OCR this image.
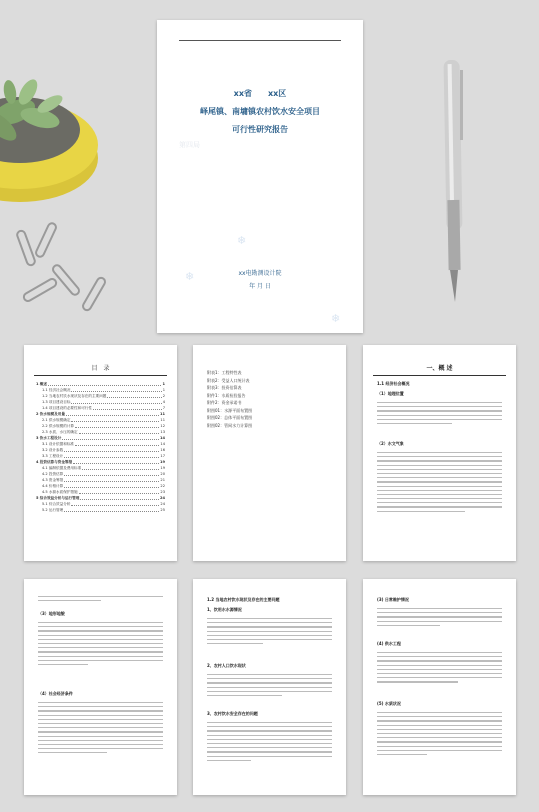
xx省　　xx区
峄尾镇、南墉镇农村饮水安全项目
可行性研究报告
第四局
❄
❄
❄
xx电勘测设计院
年 月 日
目　录
1 概述	1
1.1 经济社会概况	1
1.2 当地农村饮水现状及存在的主要问题	2
1.3 项目建设目标	4
1.4 项目建设的必要性和可行性	7
2 饮水规模及用量	11
2.1 供水规模确定	11
2.2 供水规模的计算	12
2.3 水质、水压的确定	13
3 饮水工程设计	14
3.1 设计依据和标准	14
3.2 设计参数	16
3.3 工程设计	17
4 投资估算与资金筹措	19
4.1 编制依据及费用标准	19
4.2 投资估算	20
4.3 资金筹措	21
4.4 价格计算	22
4.5 水源水质保护措施	23
5 综合效益分析与运行管理	24
5.1 综合效益分析	24
5.2 运行管理	25
附表1：工程特性表
附表2：受益人口统计表
附表3：投资估算表
附件1：水质检验报告
附件2：资金承诺书
附图01：水源平面布置图
附图02：总体平面布置图
附图02：管网水力计算图
一、概 述
1.1 经济社会概况
（1）地理位置
（2）水文气象
（3）地形地貌
（4）社会经济条件
1.2 当地农村饮水现状及存在的主要问题
1、饮用水水源情况
2、农村人口饮水现状
3、农村饮水安全存在的问题
(3) 日常维护情况
(4) 供水工程
(5) 水质状况
